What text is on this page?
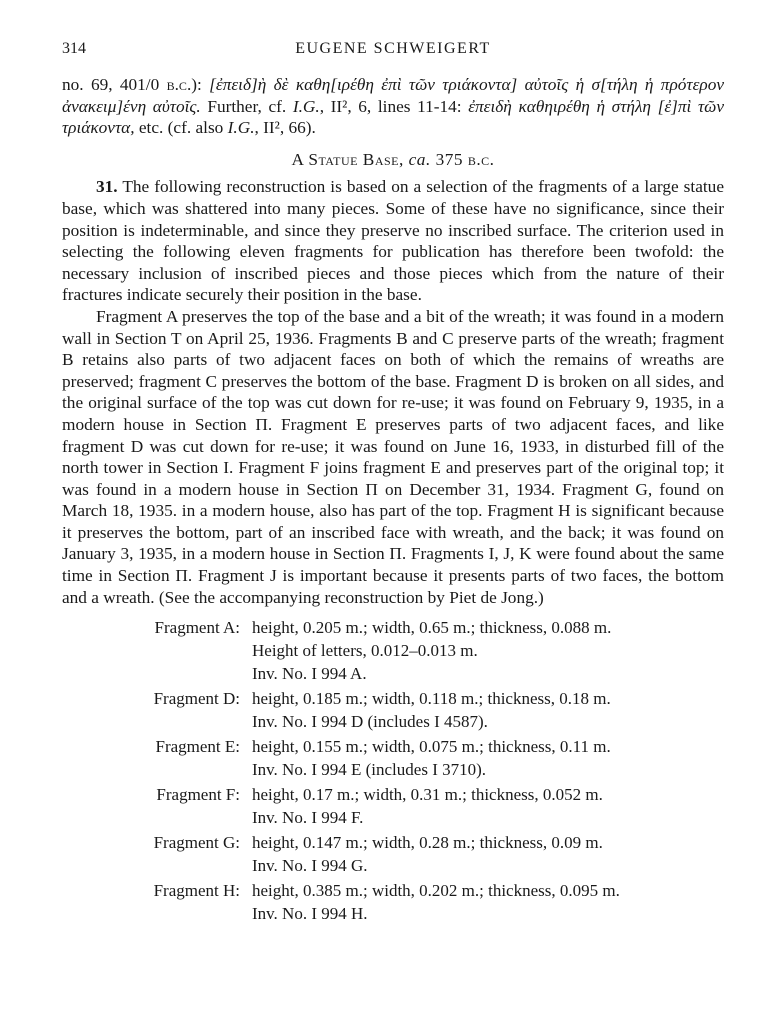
314	EUGENE SCHWEIGERT

no. 69, 401/0 b.c.): [ἐπειδ]ὴ δὲ καθη[ιρέθη ἐπὶ τῶν τριάκοντα] αὐτοῖς ἡ σ[τήλη ἡ πρότερον ἀνακειμ]ένη αὐτοῖς. Further, cf. I.G., II², 6, lines 11-14: ἐπειδὴ καθηιρέθη ἡ στήλη [ἐ]πὶ τῶν τριάκοντα, etc. (cf. also I.G., II², 66).

A Statue Base, ca. 375 b.c.

31. The following reconstruction is based on a selection of the fragments of a large statue base, which was shattered into many pieces. Some of these have no significance, since their position is indeterminable, and since they preserve no inscribed surface. The criterion used in selecting the following eleven fragments for publication has therefore been twofold: the necessary inclusion of inscribed pieces and those pieces which from the nature of their fractures indicate securely their position in the base.

Fragment A preserves the top of the base and a bit of the wreath; it was found in a modern wall in Section T on April 25, 1936. Fragments B and C preserve parts of the wreath; fragment B retains also parts of two adjacent faces on both of which the remains of wreaths are preserved; fragment C preserves the bottom of the base. Fragment D is broken on all sides, and the original surface of the top was cut down for re-use; it was found on February 9, 1935, in a modern house in Section Π. Fragment E preserves parts of two adjacent faces, and like fragment D was cut down for re-use; it was found on June 16, 1933, in disturbed fill of the north tower in Section Ι. Fragment F joins fragment E and preserves part of the original top; it was found in a modern house in Section Π on December 31, 1934. Fragment G, found on March 18, 1935. in a modern house, also has part of the top. Fragment H is significant because it preserves the bottom, part of an inscribed face with wreath, and the back; it was found on January 3, 1935, in a modern house in Section Π. Fragments I, J, K were found about the same time in Section Π. Fragment J is important because it presents parts of two faces, the bottom and a wreath. (See the accompanying reconstruction by Piet de Jong.)

Fragment A: height, 0.205 m.; width, 0.65 m.; thickness, 0.088 m.
Height of letters, 0.012–0.013 m.
Inv. No. I 994 A.
Fragment D: height, 0.185 m.; width, 0.118 m.; thickness, 0.18 m.
Inv. No. I 994 D (includes I 4587).
Fragment E: height, 0.155 m.; width, 0.075 m.; thickness, 0.11 m.
Inv. No. I 994 E (includes I 3710).
Fragment F: height, 0.17 m.; width, 0.31 m.; thickness, 0.052 m.
Inv. No. I 994 F.
Fragment G: height, 0.147 m.; width, 0.28 m.; thickness, 0.09 m.
Inv. No. I 994 G.
Fragment H: height, 0.385 m.; width, 0.202 m.; thickness, 0.095 m.
Inv. No. I 994 H.
